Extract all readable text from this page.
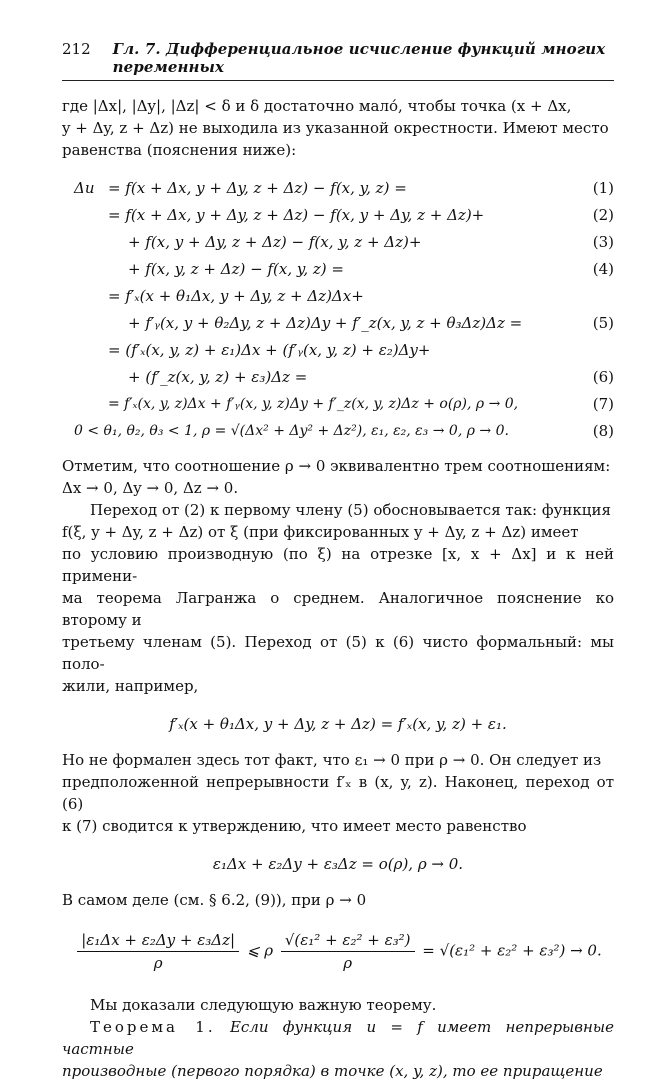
212 Гл. 7. Дифференциальное исчисление функций многих переменных

где |Δx|, |Δy|, |Δz| < δ и δ достаточно мало́, чтобы точка (x + Δx,

y + Δy, z + Δz) не выходила из указанной окрестности. Имеют место

равенства (пояснения ниже):

Δu = f(x + Δx, y + Δy, z + Δz) − f(x, y, z) =	(1)
= f(x + Δx, y + Δy, z + Δz) − f(x, y + Δy, z + Δz)+	(2)
+ f(x, y + Δy, z + Δz) − f(x, y, z + Δz)+	(3)
+ f(x, y, z + Δz) − f(x, y, z) =	(4)
= f′ₓ(x + θ₁Δx, y + Δy, z + Δz)Δx+
+ f′ᵧ(x, y + θ₂Δy, z + Δz)Δy + f′_z(x, y, z + θ₃Δz)Δz =	(5)
= (f′ₓ(x, y, z) + ε₁)Δx + (f′ᵧ(x, y, z) + ε₂)Δy+
+ (f′_z(x, y, z) + ε₃)Δz =	(6)
= f′ₓ(x, y, z)Δx + f′ᵧ(x, y, z)Δy + f′_z(x, y, z)Δz + o(ρ), ρ → 0,	(7)
0 < θ₁, θ₂, θ₃ < 1, ρ = √(Δx² + Δy² + Δz²), ε₁, ε₂, ε₃ → 0, ρ → 0.	(8)

Отметим, что соотношение ρ → 0 эквивалентно трем соотношениям:

Δx → 0, Δy → 0, Δz → 0.

Переход от (2) к первому члену (5) обосновывается так: функция

f(ξ, y + Δy, z + Δz) от ξ (при фиксированных y + Δy, z + Δz) имеет

по условию производную (по ξ) на отрезке [x, x + Δx] и к ней примени-

ма теорема Лагранжа о среднем. Аналогичное пояснение ко второму и

третьему членам (5). Переход от (5) к (6) чисто формальный: мы поло-

жили, например,

f′ₓ(x + θ₁Δx, y + Δy, z + Δz) = f′ₓ(x, y, z) + ε₁.

Но не формален здесь тот факт, что ε₁ → 0 при ρ → 0. Он следует из

предположенной непрерывности f′ₓ в (x, y, z). Наконец, переход от (6)

к (7) сводится к утверждению, что имеет место равенство

ε₁Δx + ε₂Δy + ε₃Δz = o(ρ), ρ → 0.

В самом деле (см. § 6.2, (9)), при ρ → 0

$\frac{\text{|ε₁Δx + ε₂Δy + ε₃Δz|}}{\rho}$ ⩽ ρ $\frac{\text{√(ε₁² + ε₂² + ε₃²)}}{\rho} = √(\varepsilon_1^2 + \varepsilon_2^2 + \varepsilon_3^2) \to 0$.

Мы доказали следующую важную теорему.

Теорема 1. Если функция u = f имеет непрерывные частные

производные (первого порядка) в точке (x, y, z), то ее приращение
